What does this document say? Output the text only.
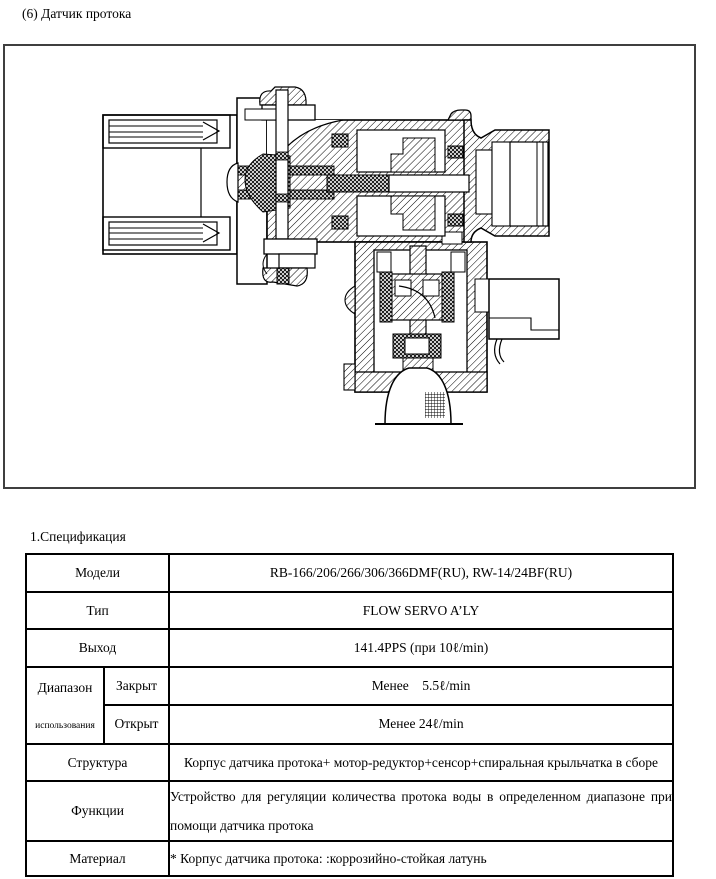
(6) Датчик протока
1.Спецификация
Модели		RB-166/206/266/306/366DMF(RU), RW-14/24BF(RU)
Тип		FLOW SERVO A’LY
Выход		141.4PPS (при 10ℓ/min)

Диапазон
использования	Закрыт	Менее    5.5ℓ/min
	Открыт	Менее 24ℓ/min
Структура		Корпус датчика протока+ мотор-редуктор+сенсор+спиральная крыльчатка в сборе
Функции		Устройство для регуляции количества протока воды в определенном диапазоне при помощи датчика протока
Материал		* Корпус датчика протока: :коррозийно-стойкая латунь
